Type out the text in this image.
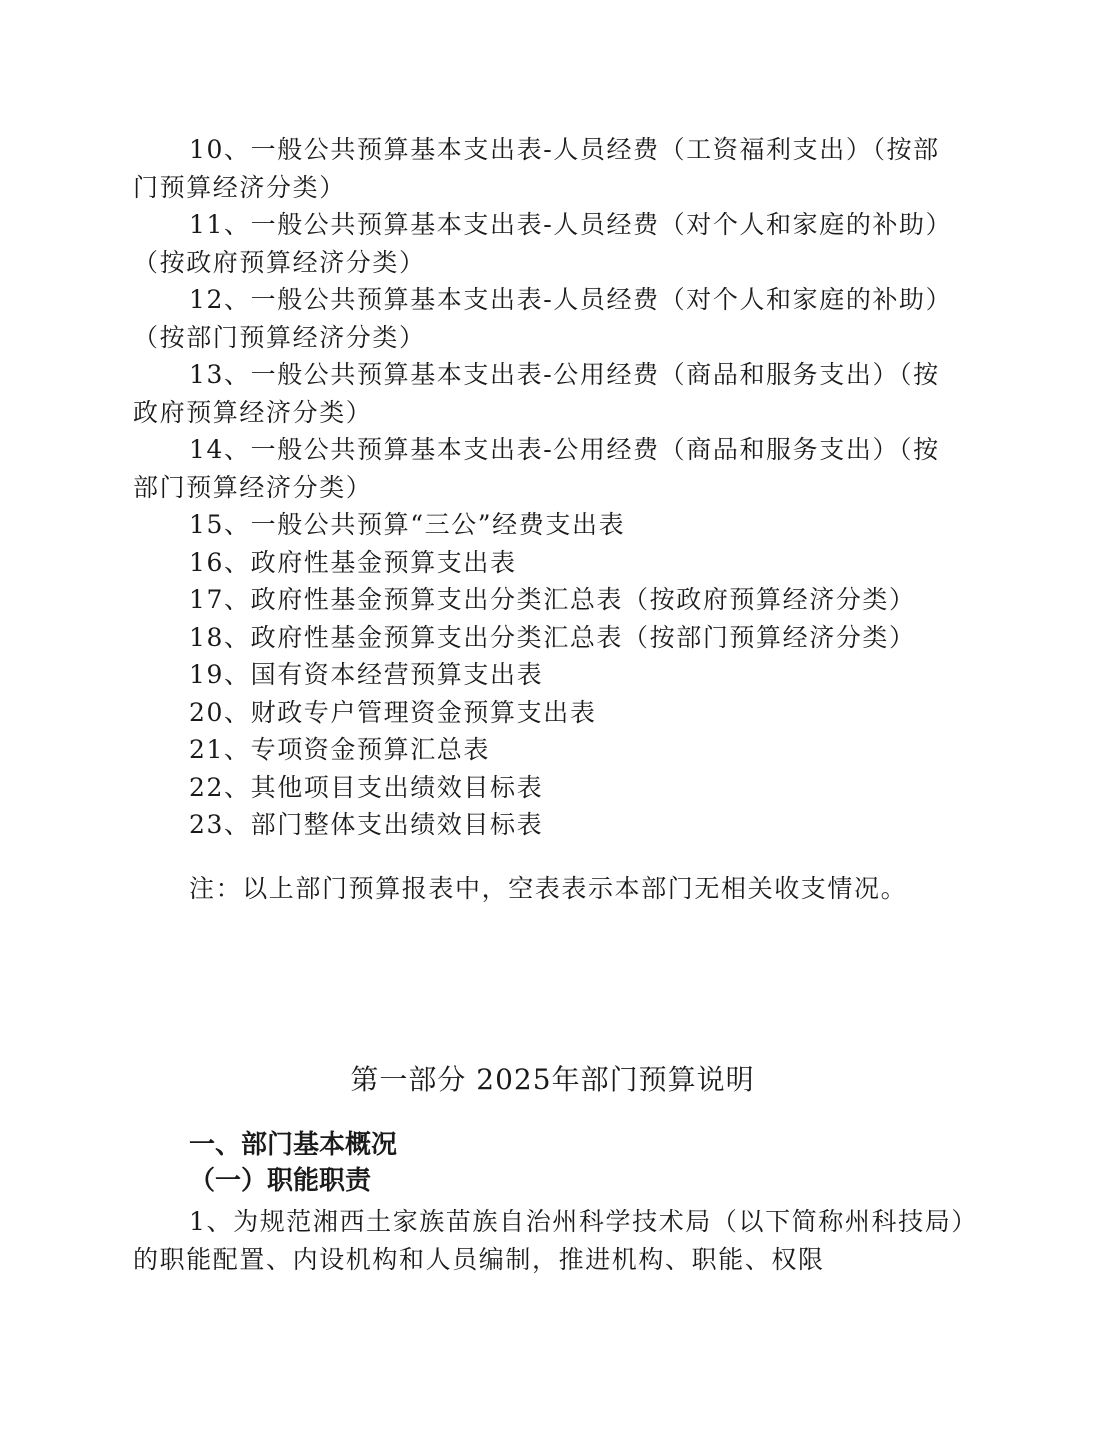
10、一般公共预算基本支出表-人员经费（工资福利支出）（按部门预算经济分类）

11、一般公共预算基本支出表-人员经费（对个人和家庭的补助）（按政府预算经济分类）

12、一般公共预算基本支出表-人员经费（对个人和家庭的补助）（按部门预算经济分类）

13、一般公共预算基本支出表-公用经费（商品和服务支出）（按政府预算经济分类）

14、一般公共预算基本支出表-公用经费（商品和服务支出）（按部门预算经济分类）

15、一般公共预算“三公”经费支出表

16、政府性基金预算支出表

17、政府性基金预算支出分类汇总表（按政府预算经济分类）

18、政府性基金预算支出分类汇总表（按部门预算经济分类）

19、国有资本经营预算支出表

20、财政专户管理资金预算支出表

21、专项资金预算汇总表

22、其他项目支出绩效目标表

23、部门整体支出绩效目标表

注：以上部门预算报表中，空表表示本部门无相关收支情况。
第一部分 2025年部门预算说明
一、部门基本概况
（一）职能职责
1、为规范湘西土家族苗族自治州科学技术局（以下简称州科技局）的职能配置、内设机构和人员编制，推进机构、职能、权限
